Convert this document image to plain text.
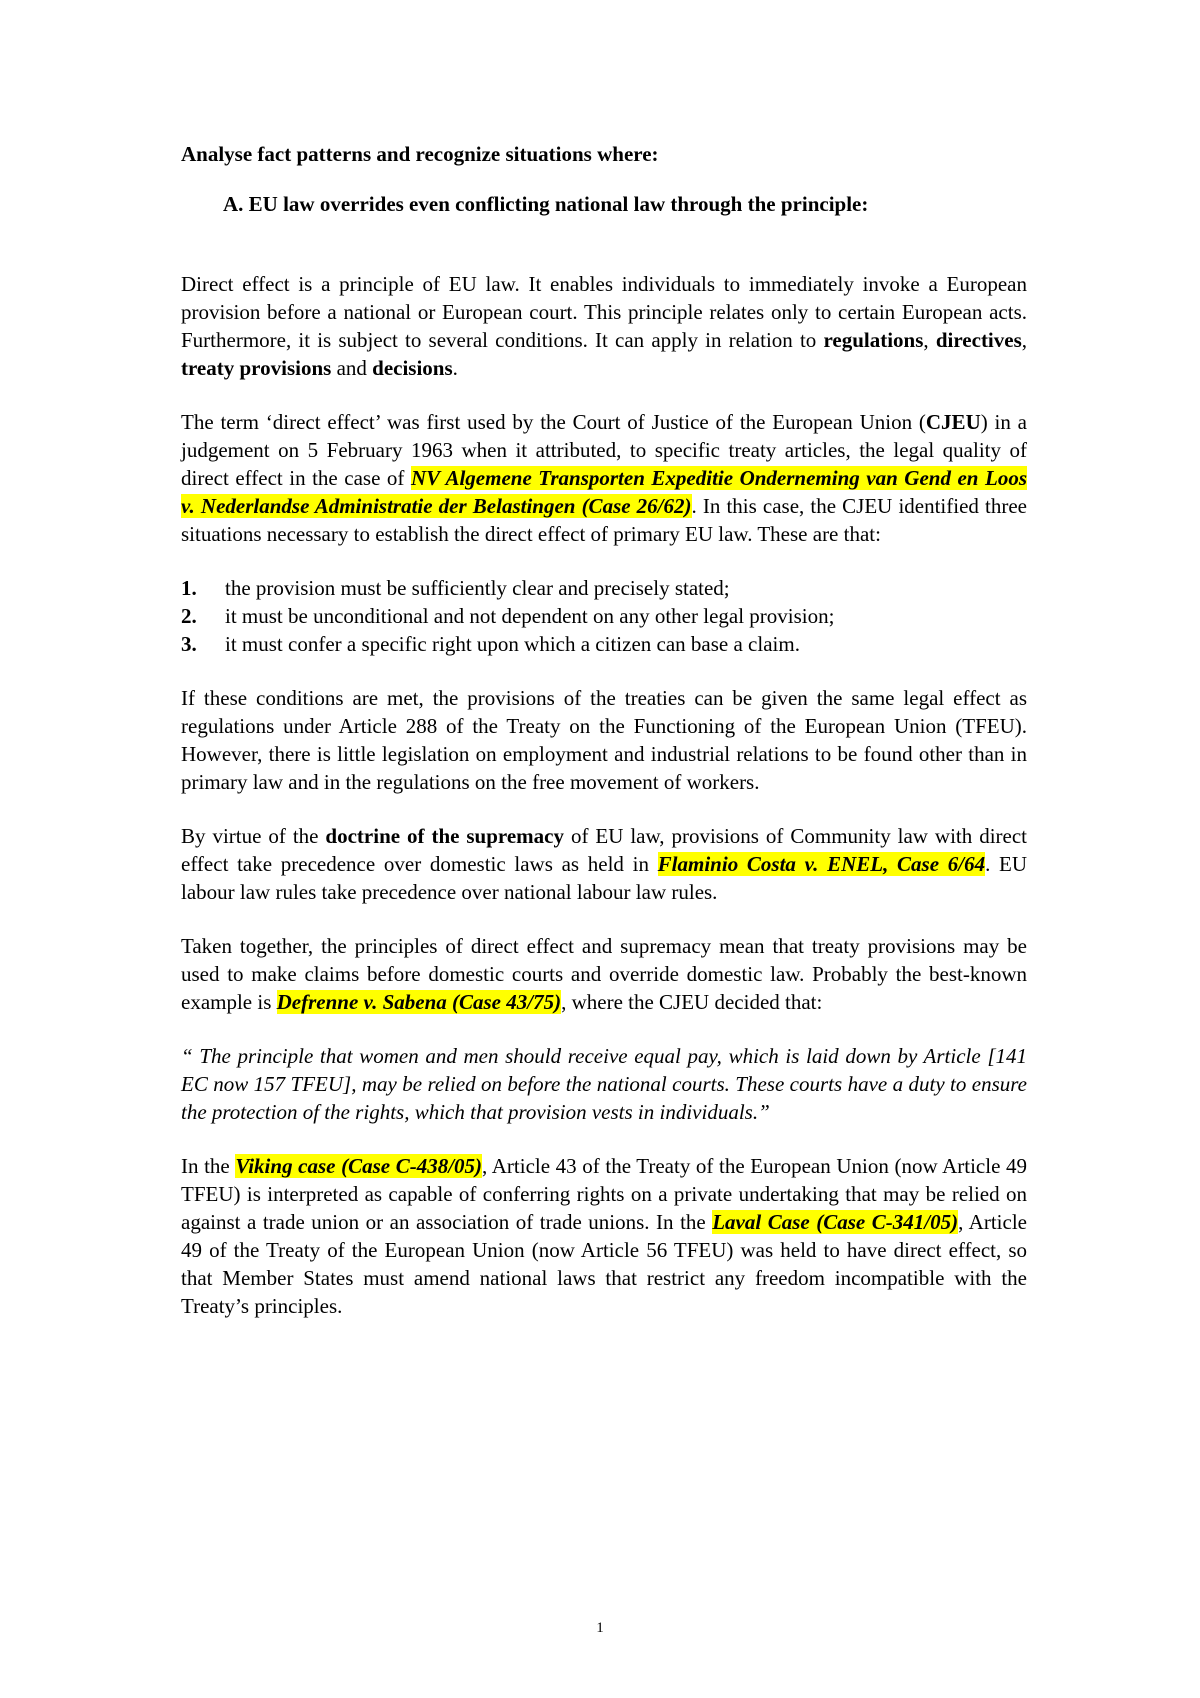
Analyse fact patterns and recognize situations where:

A. EU law overrides even conflicting national law through the principle:

Direct effect is a principle of EU law. It enables individuals to immediately invoke a European provision before a national or European court. This principle relates only to certain European acts. Furthermore, it is subject to several conditions. It can apply in relation to regulations, directives, treaty provisions and decisions.

The term ‘direct effect’ was first used by the Court of Justice of the European Union (CJEU) in a judgement on 5 February 1963 when it attributed, to specific treaty articles, the legal quality of direct effect in the case of NV Algemene Transporten Expeditie Onderneming van Gend en Loos v. Nederlandse Administratie der Belastingen (Case 26/62). In this case, the CJEU identified three situations necessary to establish the direct effect of primary EU law. These are that:

1.	the provision must be sufficiently clear and precisely stated;
2.	it must be unconditional and not dependent on any other legal provision;
3.	it must confer a specific right upon which a citizen can base a claim.

If these conditions are met, the provisions of the treaties can be given the same legal effect as regulations under Article 288 of the Treaty on the Functioning of the European Union (TFEU). However, there is little legislation on employment and industrial relations to be found other than in primary law and in the regulations on the free movement of workers.

By virtue of the doctrine of the supremacy of EU law, provisions of Community law with direct effect take precedence over domestic laws as held in Flaminio Costa v. ENEL, Case 6/64. EU labour law rules take precedence over national labour law rules.

Taken together, the principles of direct effect and supremacy mean that treaty provisions may be used to make claims before domestic courts and override domestic law. Probably the best-known example is Defrenne v. Sabena (Case 43/75), where the CJEU decided that:

“ The principle that women and men should receive equal pay, which is laid down by Article [141 EC now 157 TFEU], may be relied on before the national courts. These courts have a duty to ensure the protection of the rights, which that provision vests in individuals.”

In the Viking case (Case C-438/05), Article 43 of the Treaty of the European Union (now Article 49 TFEU) is interpreted as capable of conferring rights on a private undertaking that may be relied on against a trade union or an association of trade unions. In the Laval Case (Case C-341/05), Article 49 of the Treaty of the European Union (now Article 56 TFEU) was held to have direct effect, so that Member States must amend national laws that restrict any freedom incompatible with the Treaty’s principles.

1
